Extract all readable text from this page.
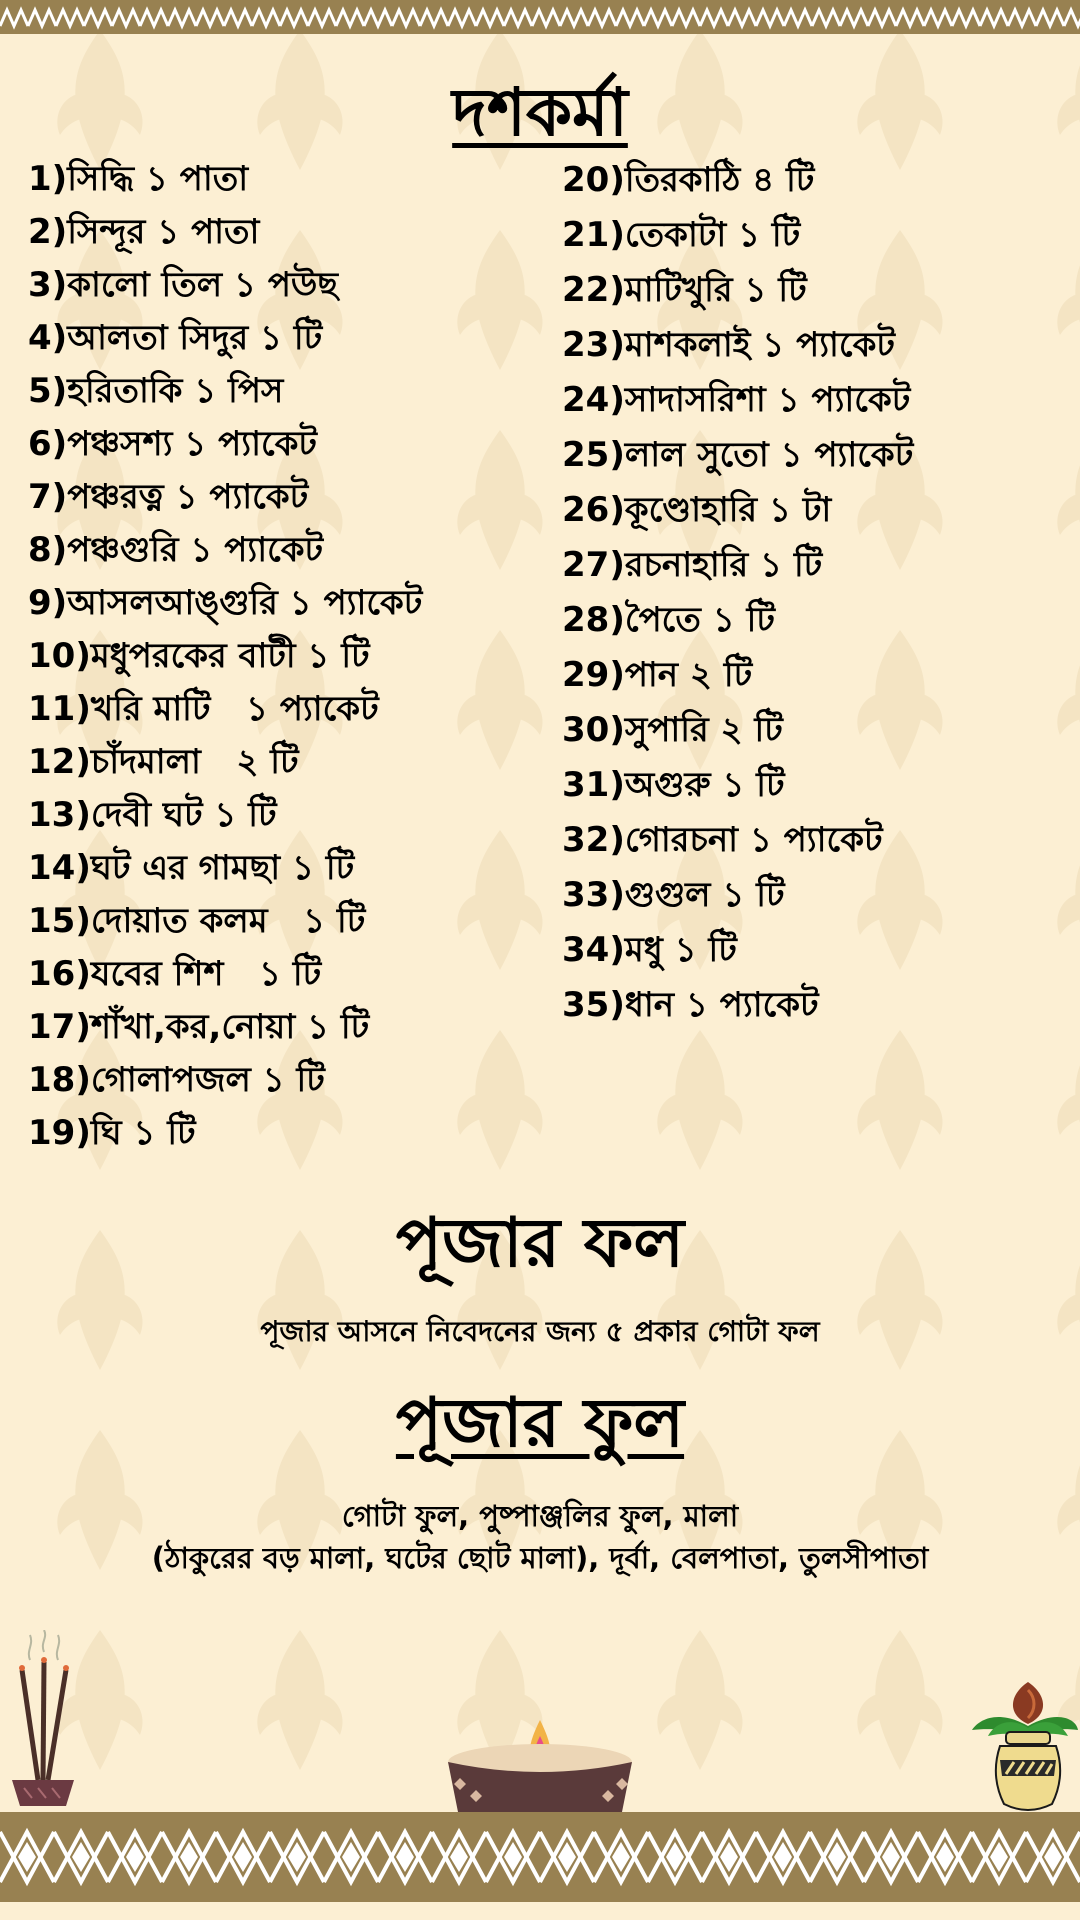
দশকর্মা
1)সিদ্ধি ১ পাতা
2)সিন্দূর ১ পাতা
3)কালো তিল ১ পউছ
4)আলতা সিদুর ১ টি
5)হরিতাকি ১ পিস
6)পঞ্চসশ্য ১ প্যাকেট
7)পঞ্চরত্ন ১ প্যাকেট
8)পঞ্চগুরি ১ প্যাকেট
9)আসলআঙ্গুরি ১ প্যাকেট
10)মধুপরকের বাটী ১ টি
11)খরি মাটি   ১ প্যাকেট
12)চাঁদমালা   ২ টি
13)দেবী ঘট ১ টি
14)ঘট এর গামছা ১ টি
15)দোয়াত কলম   ১ টি
16)যবের শিশ   ১ টি
17)শাঁখা,কর,নোয়া ১ টি
18)গোলাপজল ১ টি
19)ঘি ১ টি
20)তিরকাঠি ৪ টি
21)তেকাটা ১ টি
22)মাটিখুরি ১ টি
23)মাশকলাই ১ প্যাকেট
24)সাদাসরিশা ১ প্যাকেট
25)লাল সুতো ১ প্যাকেট
26)কূণ্ডোহারি ১ টা
27)রচনাহারি ১ টি
28)পৈতে ১ টি
29)পান ২ টি
30)সুপারি ২ টি
31)অগুরু ১ টি
32)গোরচনা ১ প্যাকেট
33)গুগুল ১ টি
34)মধু ১ টি
35)ধান ১ প্যাকেট
পূজার ফল

পূজার আসনে নিবেদনের জন্য ৫ প্রকার গোটা ফল

পূজার ফুল

গোটা ফুল, পুষ্পাঞ্জলির ফুল, মালা
(ঠাকুরের বড় মালা, ঘটের ছোট মালা), দূর্বা, বেলপাতা, তুলসীপাতা
